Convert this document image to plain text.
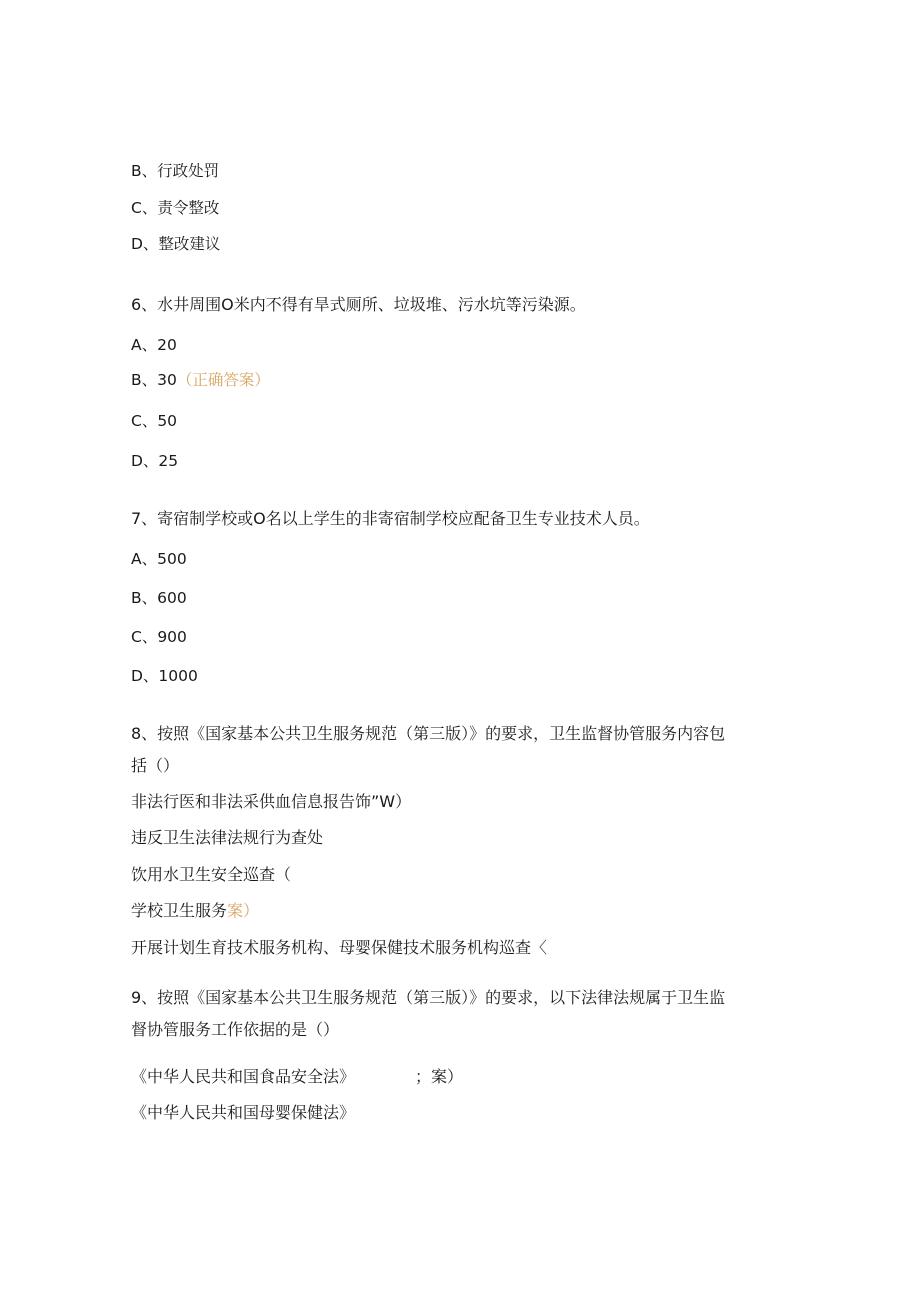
B、行政处罚
C、责令整改
D、整改建议
6、水井周围O米内不得有旱式厕所、垃圾堆、污水坑等污染源。
A、20
B、30（正确答案）
C、50
D、25
7、寄宿制学校或O名以上学生的非寄宿制学校应配备卫生专业技术人员。
A、500
B、600
C、900
D、1000
8、按照《国家基本公共卫生服务规范（第三版）》的要求，卫生监督协管服务内容包
括（）
非法行医和非法采供血信息报告饰”W）
违反卫生法律法规行为查处
饮用水卫生安全巡查（
学校卫生服务案）
开展计划生育技术服务机构、母婴保健技术服务机构巡查〈
9、按照《国家基本公共卫生服务规范（第三版）》的要求，以下法律法规属于卫生监
督协管服务工作依据的是（）
《中华人民共和国食品安全法》	；案）
《中华人民共和国母婴保健法》
